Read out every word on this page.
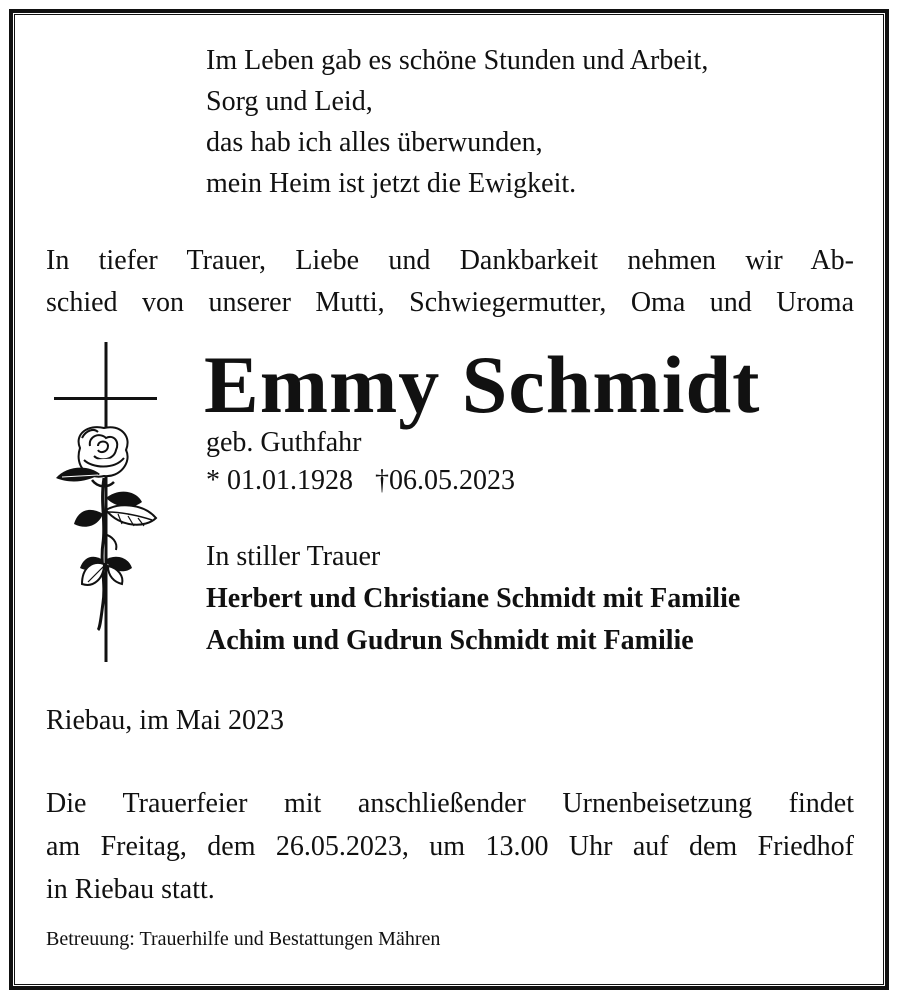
Im Leben gab es schöne Stunden und Arbeit,
Sorg und Leid,
das hab ich alles überwunden,
mein Heim ist jetzt die Ewigkeit.
In tiefer Trauer, Liebe und Dankbarkeit nehmen wir Ab-
schied von unserer Mutti, Schwiegermutter, Oma und Uroma
Emmy Schmidt
geb. Guthfahr
* 01.01.1928 †06.05.2023
In stiller Trauer
Herbert und Christiane Schmidt mit Familie
Achim und Gudrun Schmidt mit Familie
Riebau, im Mai 2023
Die Trauerfeier mit anschließender Urnenbeisetzung findet
am Freitag, dem 26.05.2023, um 13.00 Uhr auf dem Friedhof
in Riebau statt.
Betreuung: Trauerhilfe und Bestattungen Mähren
